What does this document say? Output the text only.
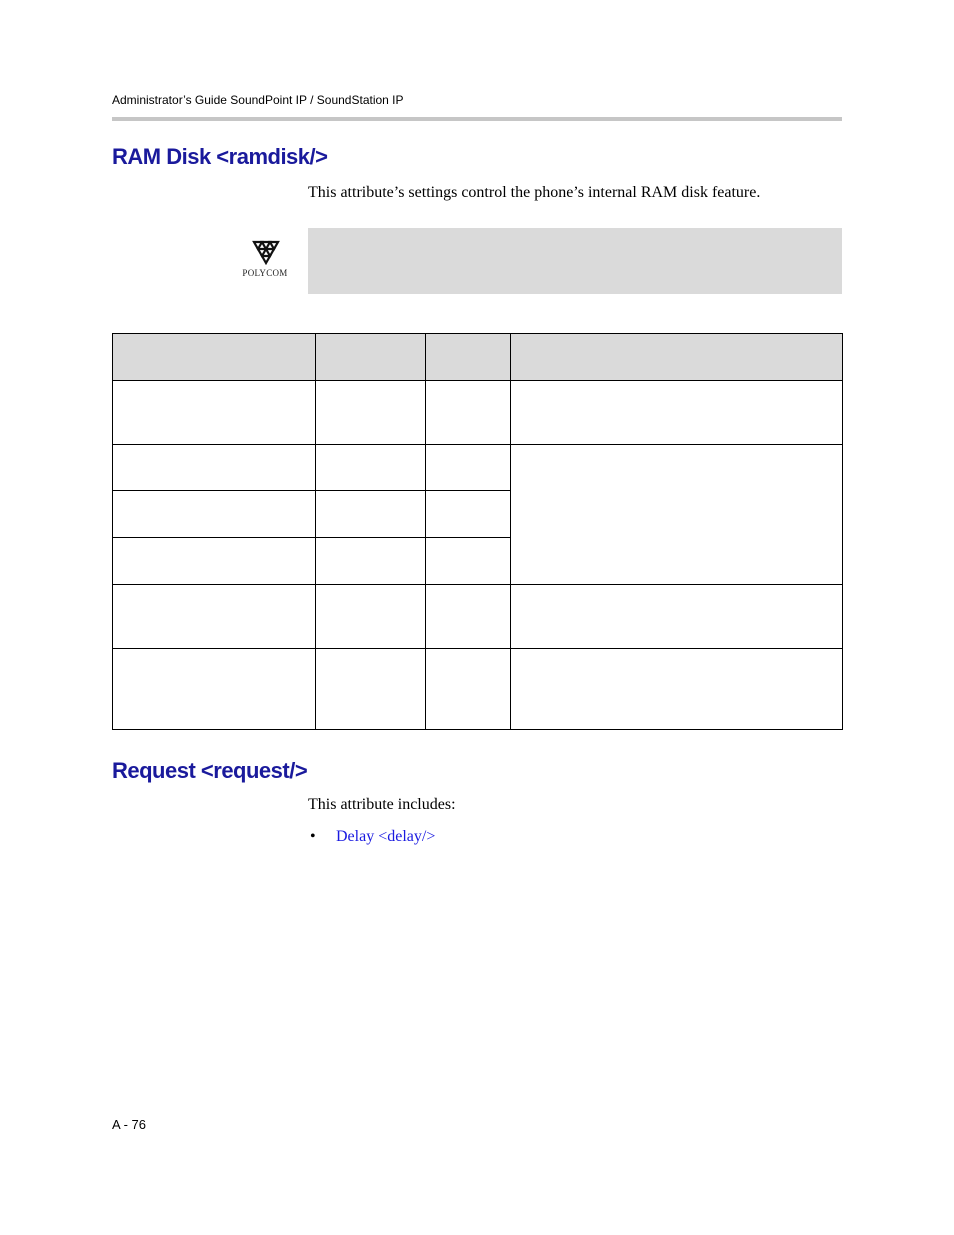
Administrator’s Guide SoundPoint IP / SoundStation IP
RAM Disk <ramdisk/>
This attribute’s settings control the phone’s internal RAM disk feature.
POLYCOM

Request <request/>
This attribute includes:
• Delay <delay/>
A - 76
